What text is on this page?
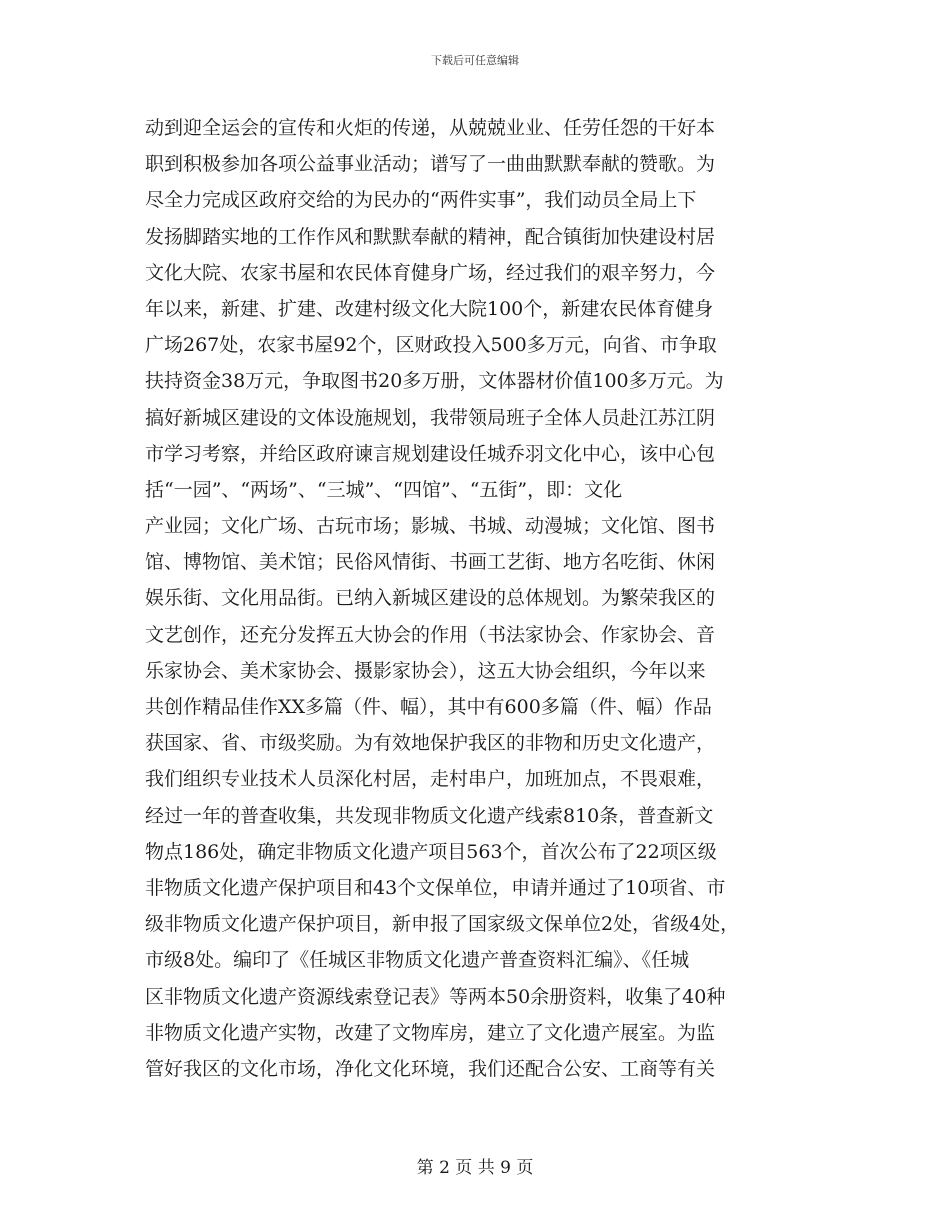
下载后可任意编辑
动到迎全运会的宣传和火炬的传递，从兢兢业业、任劳任怨的干好本
职到积极参加各项公益事业活动；谱写了一曲曲默默奉献的赞歌。为
尽全力完成区政府交给的为民办的“两件实事”，我们动员全局上下
发扬脚踏实地的工作作风和默默奉献的精神，配合镇街加快建设村居
文化大院、农家书屋和农民体育健身广场，经过我们的艰辛努力，今
年以来，新建、扩建、改建村级文化大院100个，新建农民体育健身
广场267处，农家书屋92个，区财政投入500多万元，向省、市争取
扶持资金38万元，争取图书20多万册，文体器材价值100多万元。为
搞好新城区建设的文体设施规划，我带领局班子全体人员赴江苏江阴
市学习考察，并给区政府谏言规划建设任城乔羽文化中心，该中心包
括“一园”、“两场”、“三城”、“四馆”、“五街”，即：文化
产业园；文化广场、古玩市场；影城、书城、动漫城；文化馆、图书
馆、博物馆、美术馆；民俗风情街、书画工艺街、地方名吃街、休闲
娱乐街、文化用品街。已纳入新城区建设的总体规划。为繁荣我区的
文艺创作，还充分发挥五大协会的作用（书法家协会、作家协会、音
乐家协会、美术家协会、摄影家协会），这五大协会组织，今年以来
共创作精品佳作XX多篇（件、幅），其中有600多篇（件、幅）作品
获国家、省、市级奖励。为有效地保护我区的非物和历史文化遗产，
我们组织专业技术人员深化村居，走村串户，加班加点，不畏艰难，
经过一年的普查收集，共发现非物质文化遗产线索810条，普查新文
物点186处，确定非物质文化遗产项目563个，首次公布了22项区级
非物质文化遗产保护项目和43个文保单位，申请并通过了10项省、市
级非物质文化遗产保护项目，新申报了国家级文保单位2处，省级4处，
市级8处。编印了《任城区非物质文化遗产普查资料汇编》、《任城
区非物质文化遗产资源线索登记表》等两本50余册资料，收集了40种
非物质文化遗产实物，改建了文物库房，建立了文化遗产展室。为监
管好我区的文化市场，净化文化环境，我们还配合公安、工商等有关
第 2 页 共 9 页
